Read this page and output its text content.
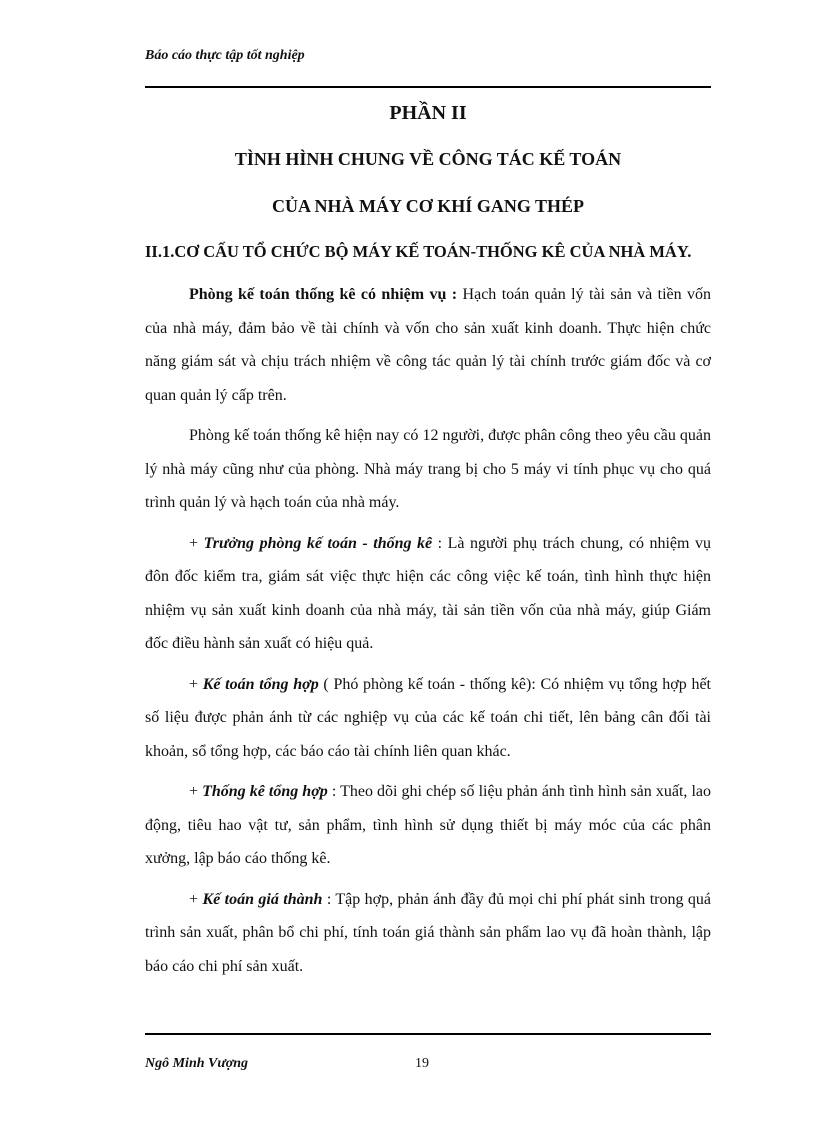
Báo cáo thực tập tốt nghiệp
PHẦN II
TÌNH HÌNH CHUNG VỀ CÔNG TÁC KẾ TOÁN
CỦA NHÀ MÁY CƠ KHÍ GANG THÉP
II.1.CƠ CẤU TỔ CHỨC BỘ MÁY KẾ TOÁN-THỐNG KÊ CỦA NHÀ MÁY.

Phòng kế toán thống kê có nhiệm vụ : Hạch toán quản lý tài sản và tiền vốn của nhà máy, đảm bảo về tài chính và vốn cho sản xuất kinh doanh. Thực hiện chức năng giám sát và chịu trách nhiệm về công tác quản lý tài chính trước giám đốc và cơ quan quản lý cấp trên.

Phòng kế toán thống kê hiện nay có 12 người, được phân công theo yêu cầu quản lý nhà máy cũng như của phòng. Nhà máy trang bị cho 5 máy vi tính phục vụ cho quá trình quản lý và hạch toán của nhà máy.

+ Trưởng phòng kế toán - thống kê : Là người phụ trách chung, có nhiệm vụ đôn đốc kiểm tra, giám sát việc thực hiện các công việc kế toán, tình hình thực hiện nhiệm vụ sản xuất kinh doanh của nhà máy, tài sản tiền vốn của nhà máy, giúp Giám đốc điều hành sản xuất có hiệu quả.

+ Kế toán tổng hợp ( Phó phòng kế toán - thống kê): Có nhiệm vụ tổng hợp hết số liệu được phản ánh từ các nghiệp vụ của các kế toán chi tiết, lên bảng cân đối tài khoản, sổ tổng hợp, các báo cáo tài chính liên quan khác.

+ Thống kê tổng hợp : Theo dõi ghi chép số liệu phản ánh tình hình sản xuất, lao động, tiêu hao vật tư, sản phẩm, tình hình sử dụng thiết bị máy móc của các phân xưởng, lập báo cáo thống kê.

+ Kế toán giá thành : Tập hợp, phản ánh đầy đủ mọi chi phí phát sinh trong quá trình sản xuất, phân bổ chi phí, tính toán giá thành sản phẩm lao vụ đã hoàn thành, lập báo cáo chi phí sản xuất.

Ngô Minh Vượng	19
